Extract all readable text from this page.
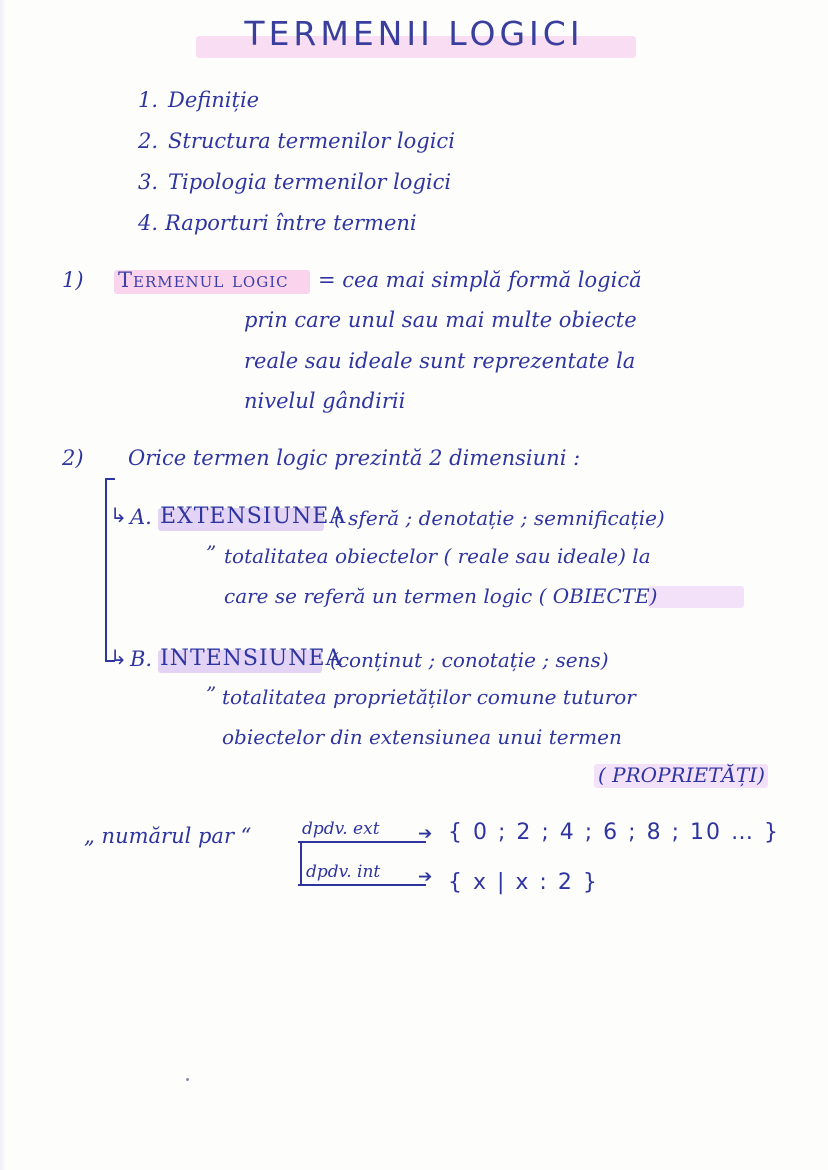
TERMENII LOGICI
1. Definiție
2. Structura termenilor logici
3. Tipologia termenilor logici
4. Raporturi între termeni
1) Termenul logic = cea mai simplă formă logică
prin care unul sau mai multe obiecte
reale sau ideale sunt reprezentate la
nivelul gândirii
2) Orice termen logic prezintă 2 dimensiuni :
↳ A. EXTENSIUNEA
( sferă ; denotație ; semnificație)
” totalitatea obiectelor ( reale sau ideale) la
care se referă un termen logic ( OBIECTE)
↳ B. INTENSIUNEA
(conținut ; conotație ; sens)
” totalitatea proprietăților comune tuturor
obiectelor din extensiunea unui termen
( PROPRIETĂȚI)
„ numărul par “	dpdv. ext ➔
dpdv. int ➔
{ 0 ; 2 ; 4 ; 6 ; 8 ; 10 … }
{ x | x : 2 }
